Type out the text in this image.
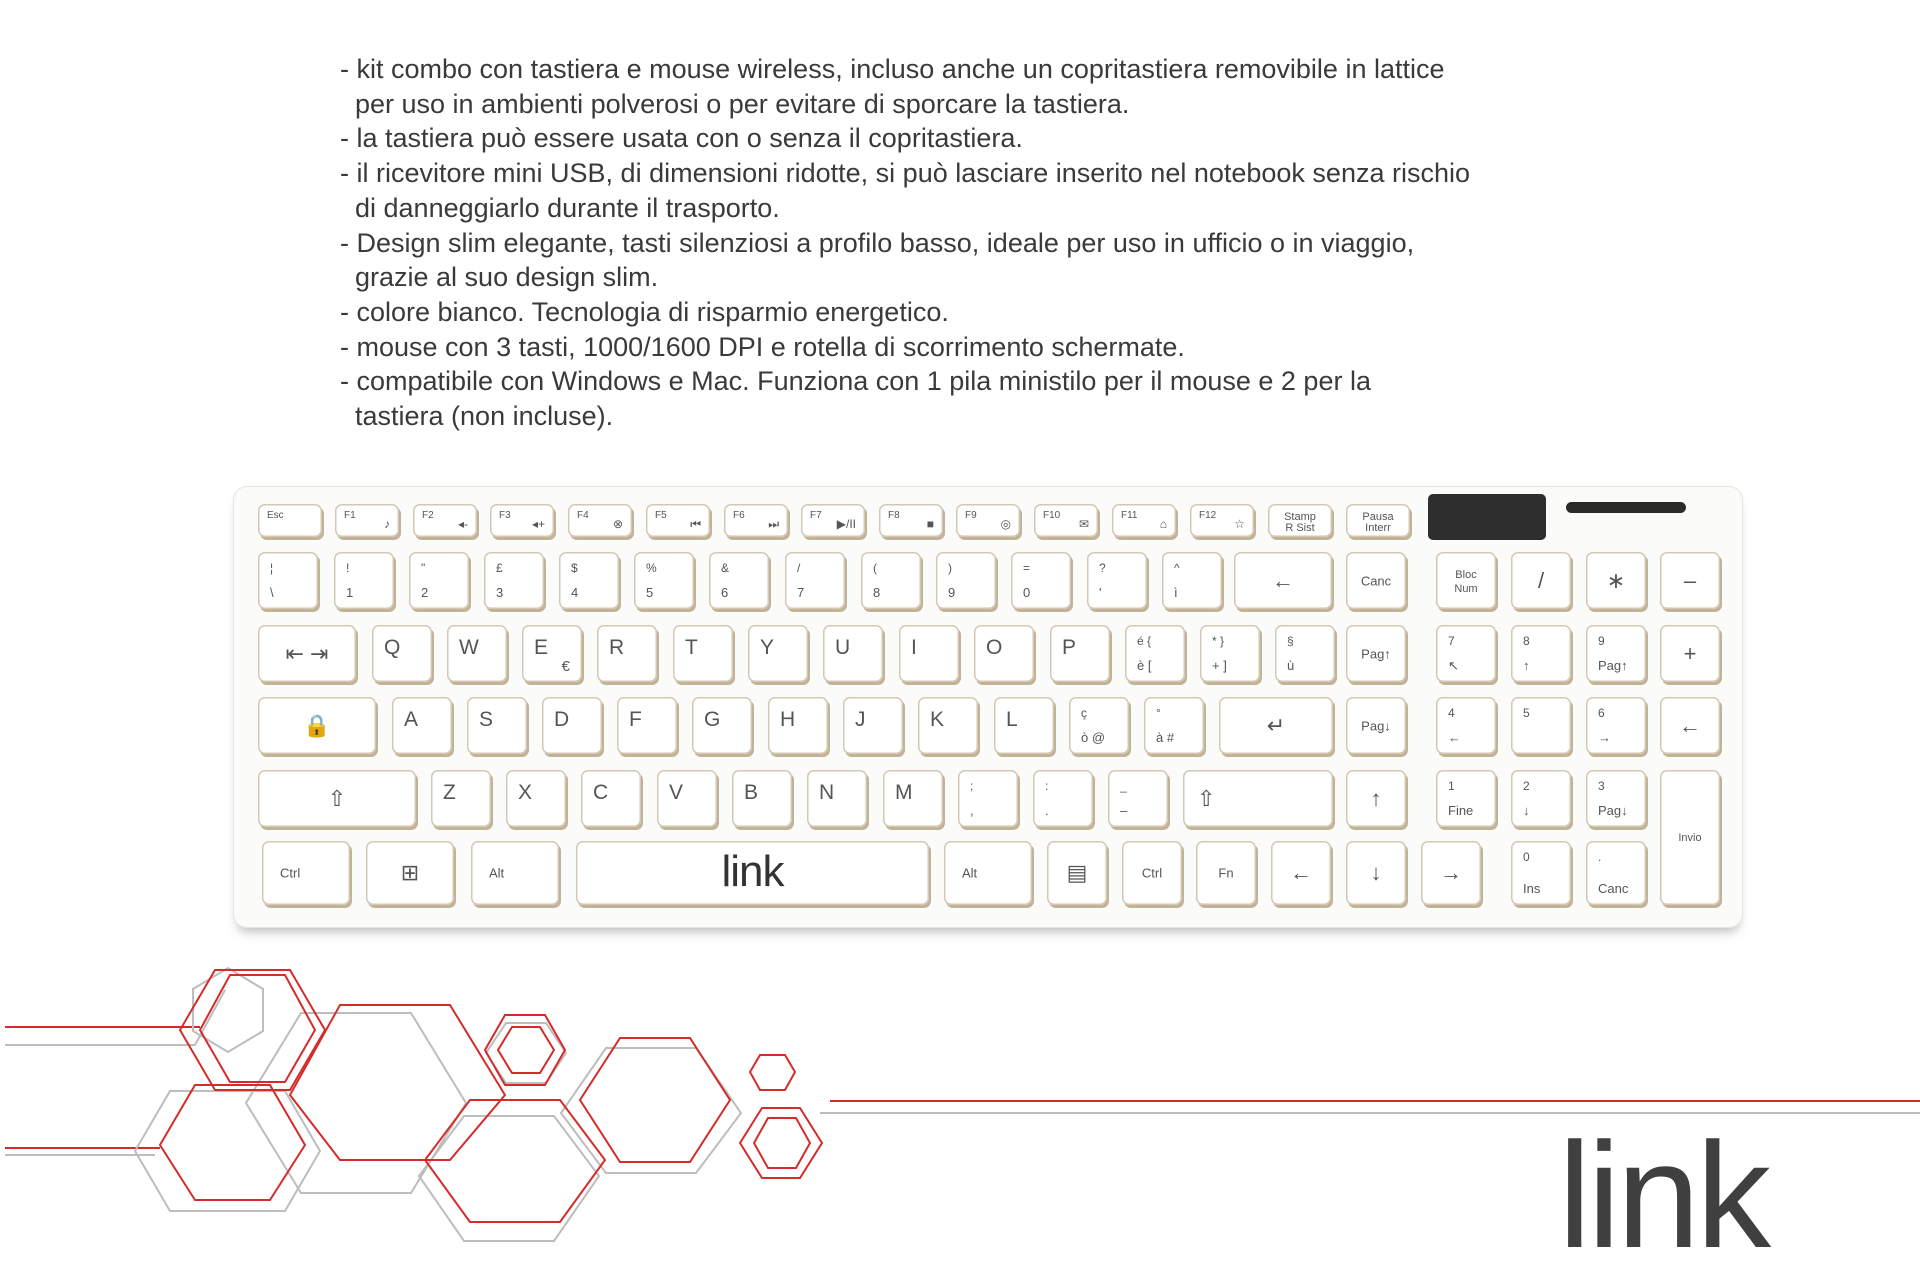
- kit combo con tastiera e mouse wireless, incluso anche un copritastiera removibile in lattice
per uso in ambienti polverosi o per evitare di sporcare la tastiera.
- la tastiera può essere usata con o senza il copritastiera.
- il ricevitore mini USB, di dimensioni ridotte, si può lasciare inserito nel notebook senza rischio
di danneggiarlo durante il trasporto.
- Design slim elegante, tasti silenziosi a profilo basso, ideale per uso in ufficio o in viaggio,
grazie al suo design slim.
- colore bianco. Tecnologia di risparmio energetico.
- mouse con 3 tasti, 1000/1600 DPI e rotella di scorrimento schermate.
- compatibile con Windows e Mac. Funziona con 1 pila ministilo per il mouse e 2 per la
tastiera (non incluse).
Esc	F1
♪
F2
◂-
F3
◂+
F4
⊗
F5
⏮
F6
⏭
F7
▶/II
F8
■
F9
◎
F10
✉
F11
⌂
F12
☆	Stamp
R Sist
Pausa
Interr
¦
\
!
1
"
2
£
3
$
4
%
5
&
6
/
7
(
8
)
9
=
0
?
'
^
ì	←	Canc
⇤ ⇥	Q	W	E
€
R	T	Y	U	I	O	P	é {
è [
* }
+ ]
§
ù
Pag↑
🔒	A	S	D	F	G	H	J	K	L	ç
ò @
°
à #	↵	Pag↓
⇧	Z	X	C	V	B	N	M	;
,
:
.
_
–	⇧	↑
Ctrl	⊞	Alt	link	Alt	▤	Ctrl	Fn	←	↓	→
Bloc
Num	/	∗	–
7
↖
8
↑
9
Pag↑	+
4
←
5	6
→	←
1
Fine
2
↓
3
Pag↓
Invio
0
Ins
.
Canc
link
